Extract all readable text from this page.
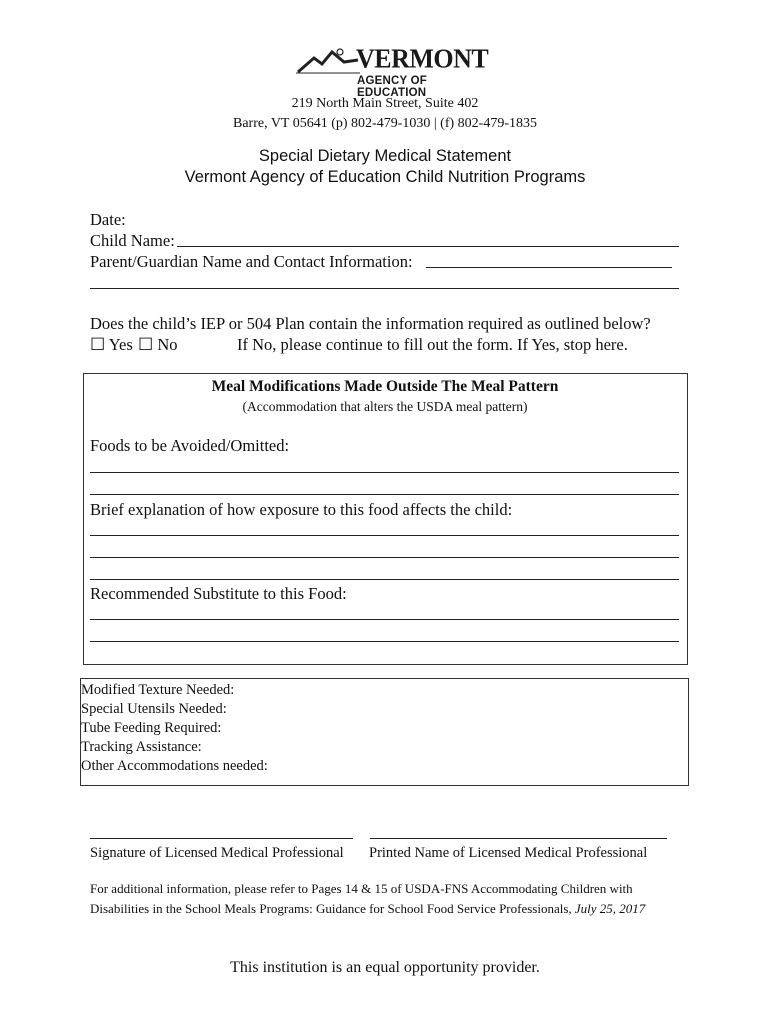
VERMONT
AGENCY OF EDUCATION
219 North Main Street, Suite 402
Barre, VT 05641 (p) 802-479-1030 | (f) 802-479-1835
Special Dietary Medical Statement
Vermont Agency of Education Child Nutrition Programs
Date:
Child Name:
Parent/Guardian Name and Contact Information:
Does the child’s IEP or 504 Plan contain the information required as outlined below?
☐ Yes ☐ No	If No, please continue to fill out the form. If Yes, stop here.
Meal Modifications Made Outside The Meal Pattern
(Accommodation that alters the USDA meal pattern)
Foods to be Avoided/Omitted:
Brief explanation of how exposure to this food affects the child:
Recommended Substitute to this Food:
Modified Texture Needed:
Special Utensils Needed:
Tube Feeding Required:
Tracking Assistance:
Other Accommodations needed:
Signature of Licensed Medical Professional Printed Name of Licensed Medical Professional
For additional information, please refer to Pages 14 & 15 of USDA-FNS Accommodating Children with
Disabilities in the School Meals Programs: Guidance for School Food Service Professionals, July 25, 2017
This institution is an equal opportunity provider.
